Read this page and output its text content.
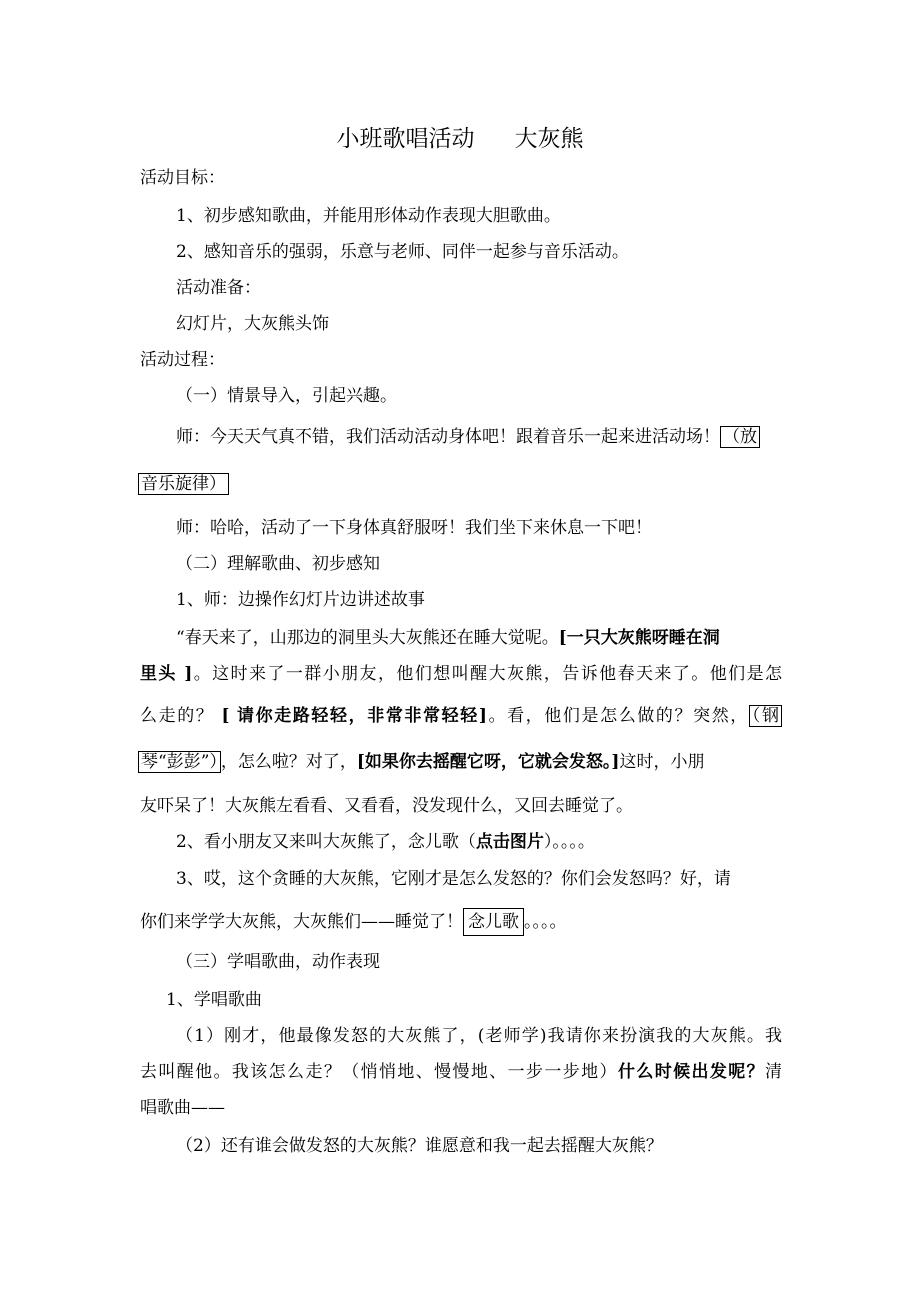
小班歌唱活动 大灰熊
活动目标：
1、初步感知歌曲，并能用形体动作表现大胆歌曲。
2、感知音乐的强弱，乐意与老师、同伴一起参与音乐活动。
活动准备：
幻灯片，大灰熊头饰
活动过程：
（一）情景导入，引起兴趣。
师：今天天气真不错，我们活动活动身体吧！跟着音乐一起来进活动场！ （放
音乐旋律）
师：哈哈，活动了一下身体真舒服呀！我们坐下来休息一下吧！
（二）理解歌曲、初步感知
1、师：边操作幻灯片边讲述故事
“春天来了，山那边的洞里头大灰熊还在睡大觉呢。[一只大灰熊呀睡在洞
里头 ]。这时来了一群小朋友，他们想叫醒大灰熊，告诉他春天来了。他们是怎
么走的？ [ 请你走路轻轻，非常非常轻轻]。看，他们是怎么做的？突然， （钢
琴“彭彭”） ，怎么啦？对了，[如果你去摇醒它呀，它就会发怒。]这时，小朋
友吓呆了！大灰熊左看看、又看看，没发现什么，又回去睡觉了。
2、看小朋友又来叫大灰熊了，念儿歌（点击图片）。。。。
3、哎，这个贪睡的大灰熊，它刚才是怎么发怒的？你们会发怒吗？好，请
你们来学学大灰熊，大灰熊们——睡觉了！ 念儿歌 。。。。
（三）学唱歌曲，动作表现
1、学唱歌曲
（1）刚才，他最像发怒的大灰熊了，(老师学)我请你来扮演我的大灰熊。我
去叫醒他。我该怎么走？（悄悄地、慢慢地、一步一步地）什么时候出发呢？清
唱歌曲——
（2）还有谁会做发怒的大灰熊？谁愿意和我一起去摇醒大灰熊？
